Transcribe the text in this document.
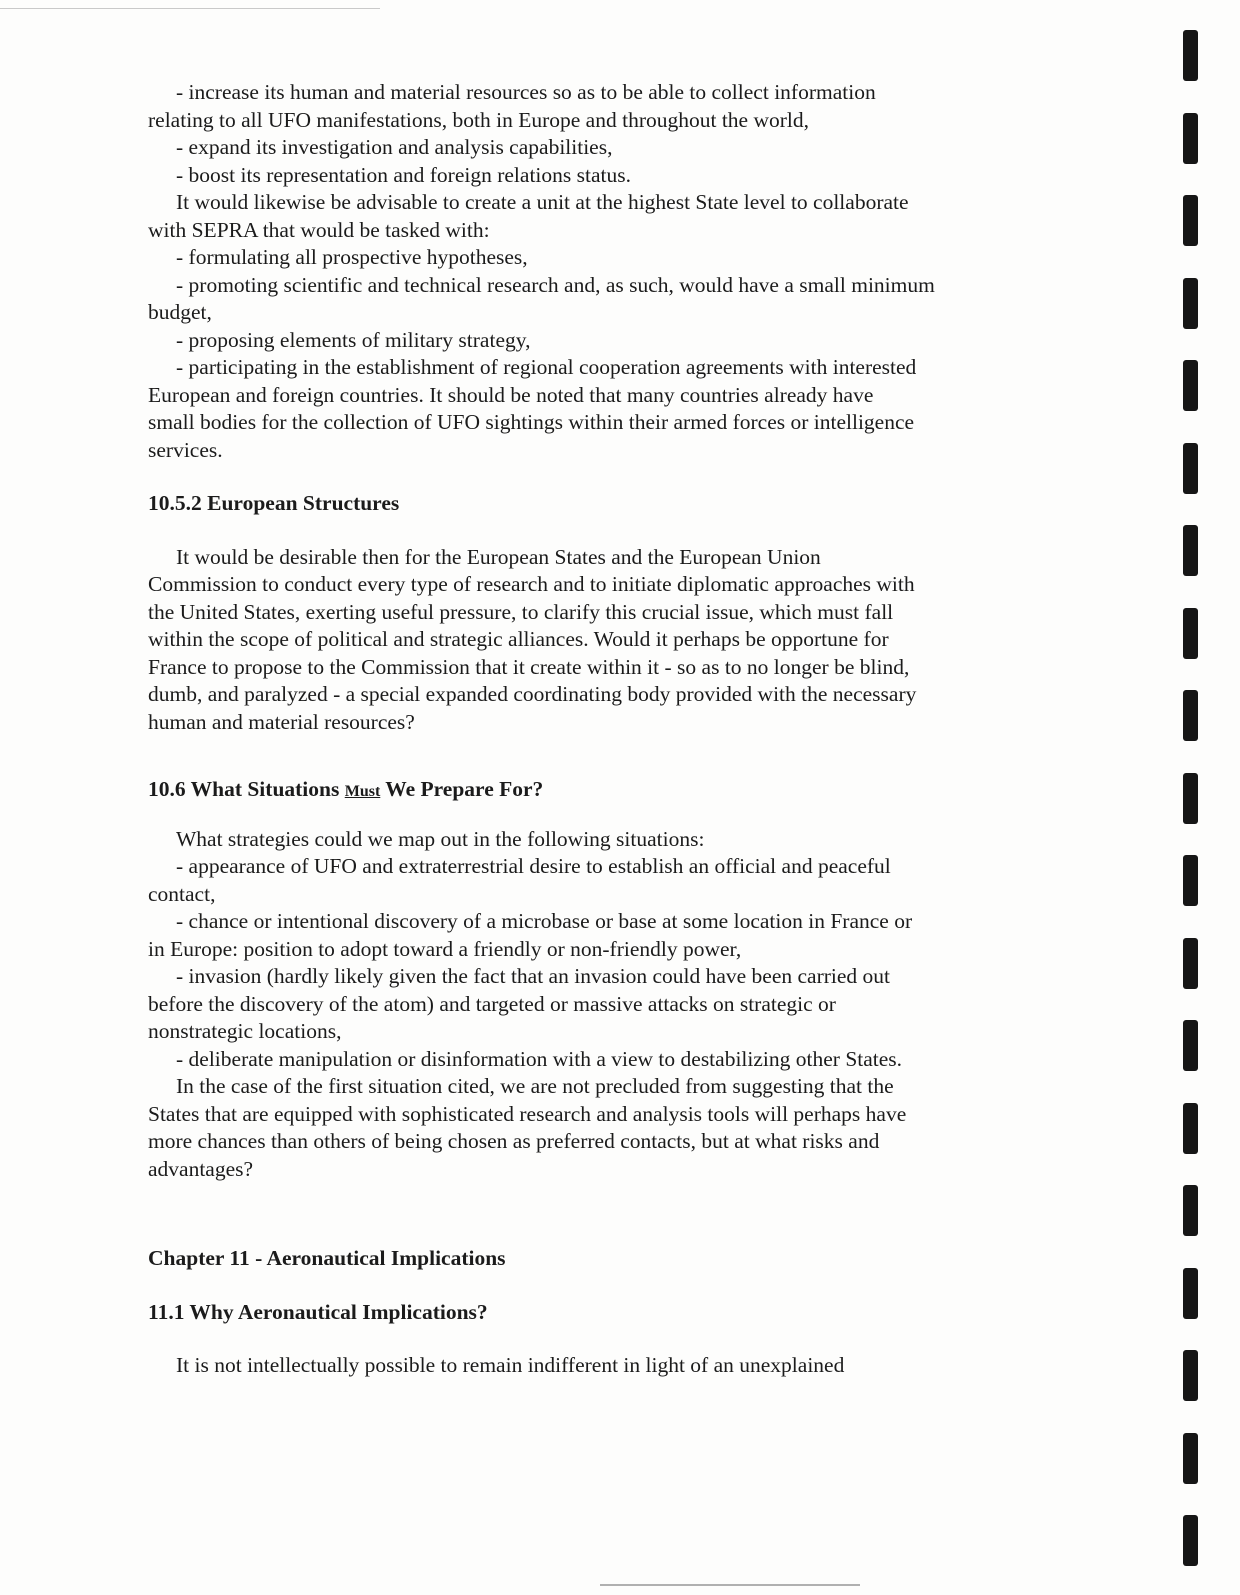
- increase its human and material resources so as to be able to collect information

relating to all UFO manifestations, both in Europe and throughout the world,

- expand its investigation and analysis capabilities,

- boost its representation and foreign relations status.

It would likewise be advisable to create a unit at the highest State level to collaborate

with SEPRA that would be tasked with:

- formulating all prospective hypotheses,

- promoting scientific and technical research and, as such, would have a small minimum

budget,

- proposing elements of military strategy,

- participating in the establishment of regional cooperation agreements with interested

European and foreign countries. It should be noted that many countries already have

small bodies for the collection of UFO sightings within their armed forces or intelligence

services.

10.5.2 European Structures

It would be desirable then for the European States and the European Union

Commission to conduct every type of research and to initiate diplomatic approaches with

the United States, exerting useful pressure, to clarify this crucial issue, which must fall

within the scope of political and strategic alliances. Would it perhaps be opportune for

France to propose to the Commission that it create within it - so as to no longer be blind,

dumb, and paralyzed - a special expanded coordinating body provided with the necessary

human and material resources?

10.6 What Situations Must We Prepare For?

What strategies could we map out in the following situations:

- appearance of UFO and extraterrestrial desire to establish an official and peaceful

contact,

- chance or intentional discovery of a microbase or base at some location in France or

in Europe: position to adopt toward a friendly or non-friendly power,

- invasion (hardly likely given the fact that an invasion could have been carried out

before the discovery of the atom) and targeted or massive attacks on strategic or

nonstrategic locations,

- deliberate manipulation or disinformation with a view to destabilizing other States.

In the case of the first situation cited, we are not precluded from suggesting that the

States that are equipped with sophisticated research and analysis tools will perhaps have

more chances than others of being chosen as preferred contacts, but at what risks and

advantages?

Chapter 11 - Aeronautical Implications

11.1 Why Aeronautical Implications?

It is not intellectually possible to remain indifferent in light of an unexplained
